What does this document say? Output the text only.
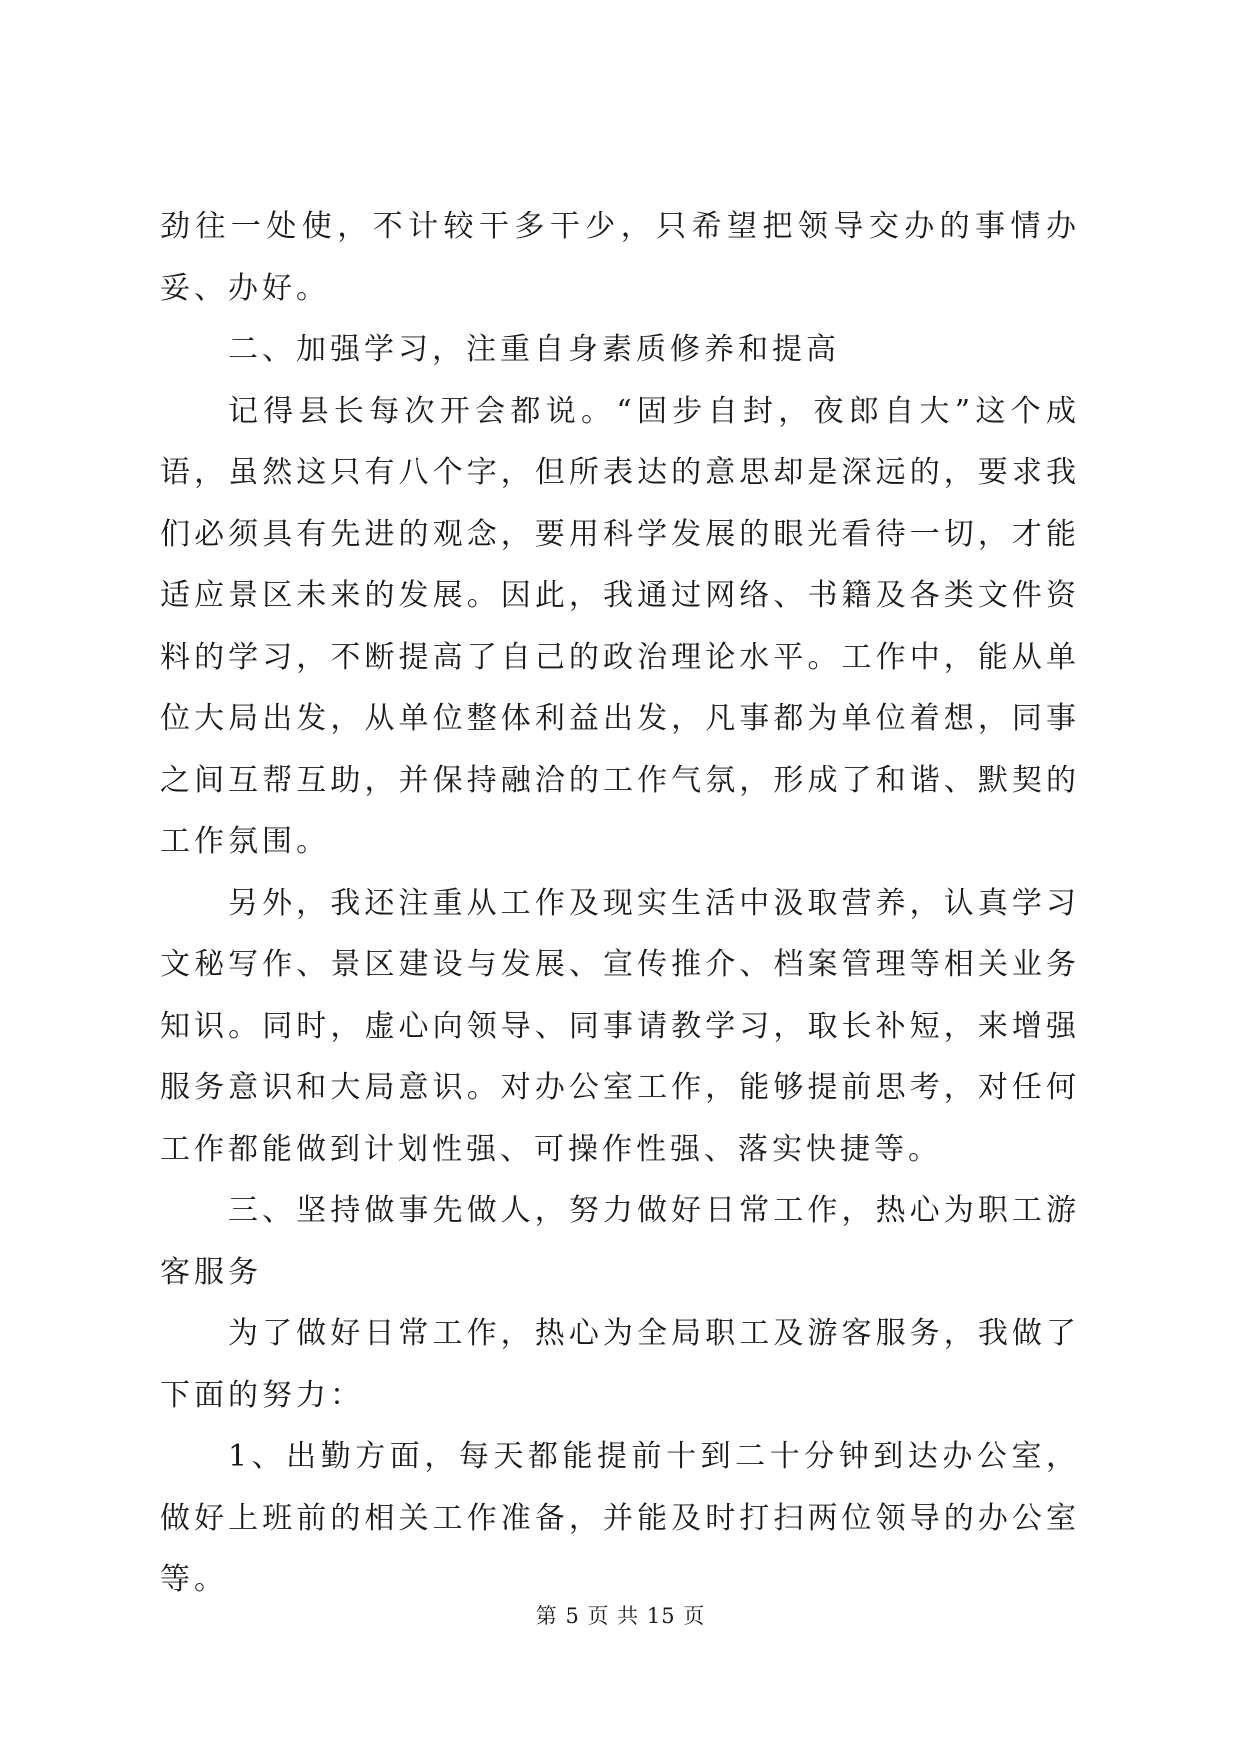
劲往一处使，不计较干多干少，只希望把领导交办的事情办妥、办好。

二、加强学习，注重自身素质修养和提高

记得县长每次开会都说。“固步自封，夜郎自大”这个成语，虽然这只有八个字，但所表达的意思却是深远的，要求我们必须具有先进的观念，要用科学发展的眼光看待一切，才能适应景区未来的发展。因此，我通过网络、书籍及各类文件资料的学习，不断提高了自己的政治理论水平。工作中，能从单位大局出发，从单位整体利益出发，凡事都为单位着想，同事之间互帮互助，并保持融洽的工作气氛，形成了和谐、默契的工作氛围。

另外，我还注重从工作及现实生活中汲取营养，认真学习文秘写作、景区建设与发展、宣传推介、档案管理等相关业务知识。同时，虚心向领导、同事请教学习，取长补短，来增强服务意识和大局意识。对办公室工作，能够提前思考，对任何工作都能做到计划性强、可操作性强、落实快捷等。

三、坚持做事先做人，努力做好日常工作，热心为职工游客服务

为了做好日常工作，热心为全局职工及游客服务，我做了下面的努力：

1、出勤方面，每天都能提前十到二十分钟到达办公室，做好上班前的相关工作准备，并能及时打扫两位领导的办公室等。

第 5 页 共 15 页
